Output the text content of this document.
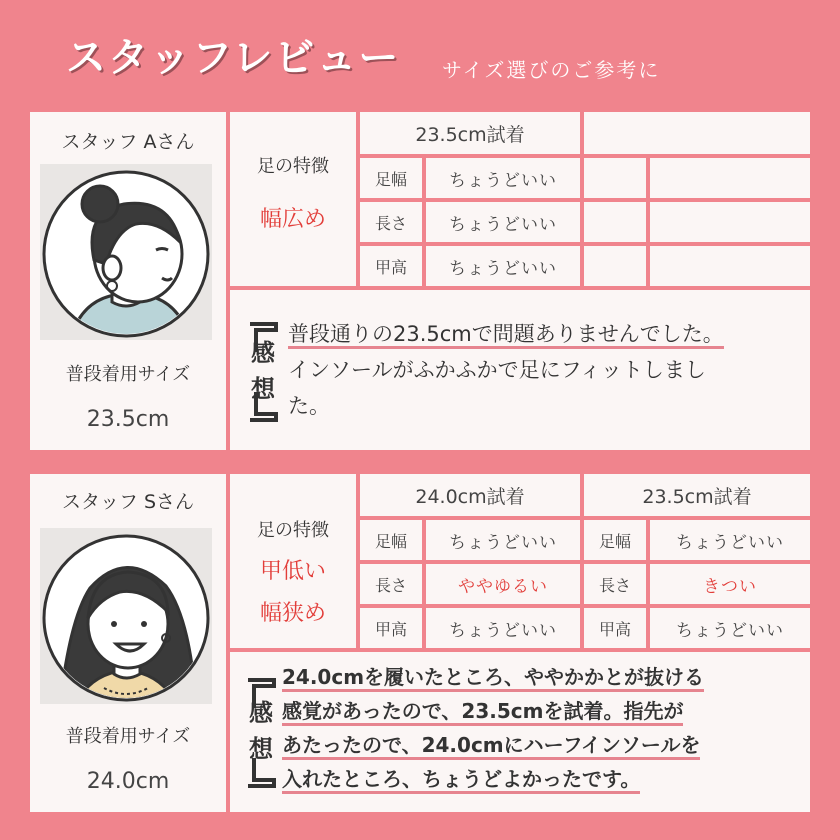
スタッフレビュー サイズ選びのご参考に
スタッフ Aさん
普段着用サイズ
23.5cm
足の特徴
幅広め
23.5cm試着
足幅	ちょうどいい
長さ	ちょうどいい
甲高	ちょうどいい
感
想
普段通りの23.5cmで問題ありませんでした。
インソールがふかふかで足にフィットしまし
た。
スタッフ Sさん
普段着用サイズ
24.0cm
足の特徴
甲低い
幅狭め
24.0cm試着	23.5cm試着
足幅	ちょうどいい	足幅	ちょうどいい
長さ	ややゆるい	長さ	きつい
甲高	ちょうどいい	甲高	ちょうどいい
感
想
24.0cmを履いたところ、ややかかとが抜ける
感覚があったので、23.5cmを試着。指先が
あたったので、24.0cmにハーフインソールを
入れたところ、ちょうどよかったです。
